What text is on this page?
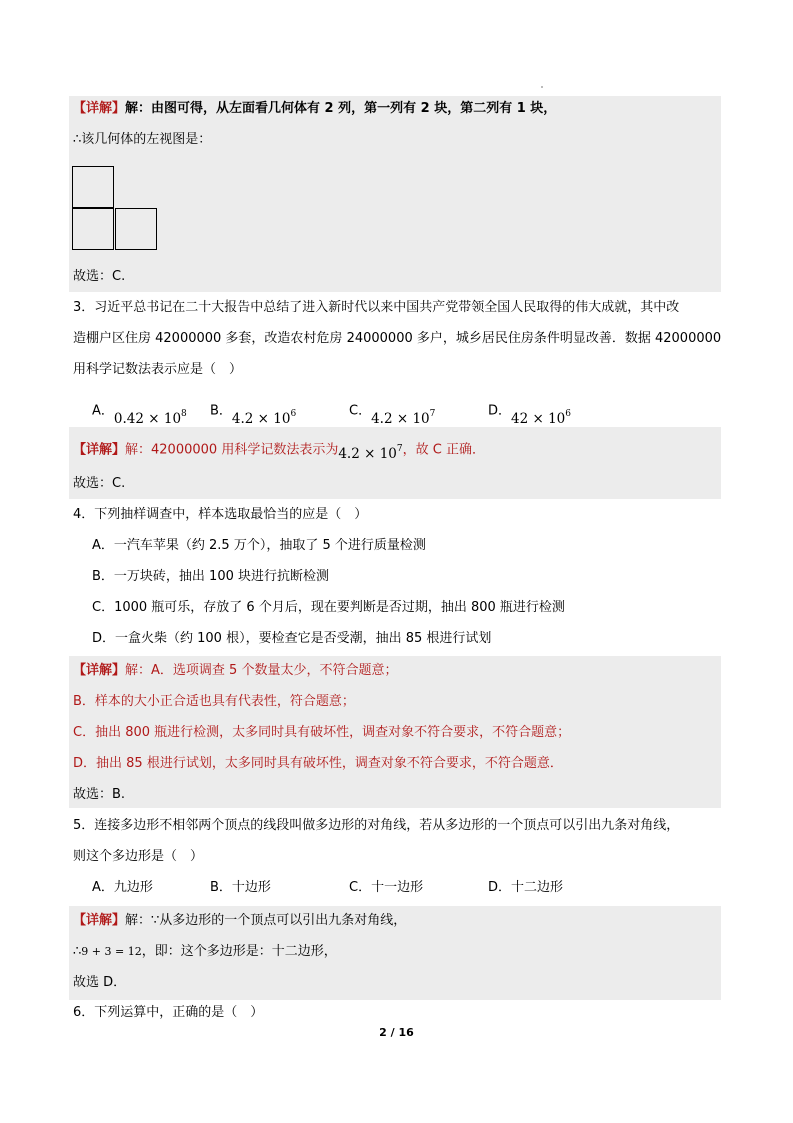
【详解】解：由图可得，从左面看几何体有 2 列，第一列有 2 块，第二列有 1 块，
∴该几何体的左视图是：
故选：C.
3．习近平总书记在二十大报告中总结了进入新时代以来中国共产党带领全国人民取得的伟大成就，其中改
造棚户区住房 42000000 多套，改造农村危房 24000000 多户，城乡居民住房条件明显改善．数据 42000000
用科学记数法表示应是（　）
A．$0.42 \times 10^8$ B．$4.2 \times 10^6$	C．$4.2 \times 10^7$	D．$42 \times 10^6$
【详解】解：42000000 用科学记数法表示为$4.2 \times 10^7$，故 C 正确．
故选：C.
4．下列抽样调查中，样本选取最恰当的应是（　）
A．一汽车苹果（约 2.5 万个），抽取了 5 个进行质量检测
B．一万块砖，抽出 100 块进行抗断检测
C．1000 瓶可乐，存放了 6 个月后，现在要判断是否过期，抽出 800 瓶进行检测
D．一盒火柴（约 100 根），要检查它是否受潮，抽出 85 根进行试划
【详解】解：A．选项调查 5 个数量太少，不符合题意；
B．样本的大小正合适也具有代表性，符合题意；
C．抽出 800 瓶进行检测，太多同时具有破坏性，调查对象不符合要求，不符合题意；
D．抽出 85 根进行试划，太多同时具有破坏性，调查对象不符合要求，不符合题意．
故选：B.
5．连接多边形不相邻两个顶点的线段叫做多边形的对角线，若从多边形的一个顶点可以引出九条对角线，
则这个多边形是（　）
A．九边形	B．十边形	C．十一边形	D．十二边形
【详解】解：∵从多边形的一个顶点可以引出九条对角线，
∴9 + 3 = 12，即：这个多边形是：十二边形，
故选 D．
6．下列运算中，正确的是（　）
2 / 16
